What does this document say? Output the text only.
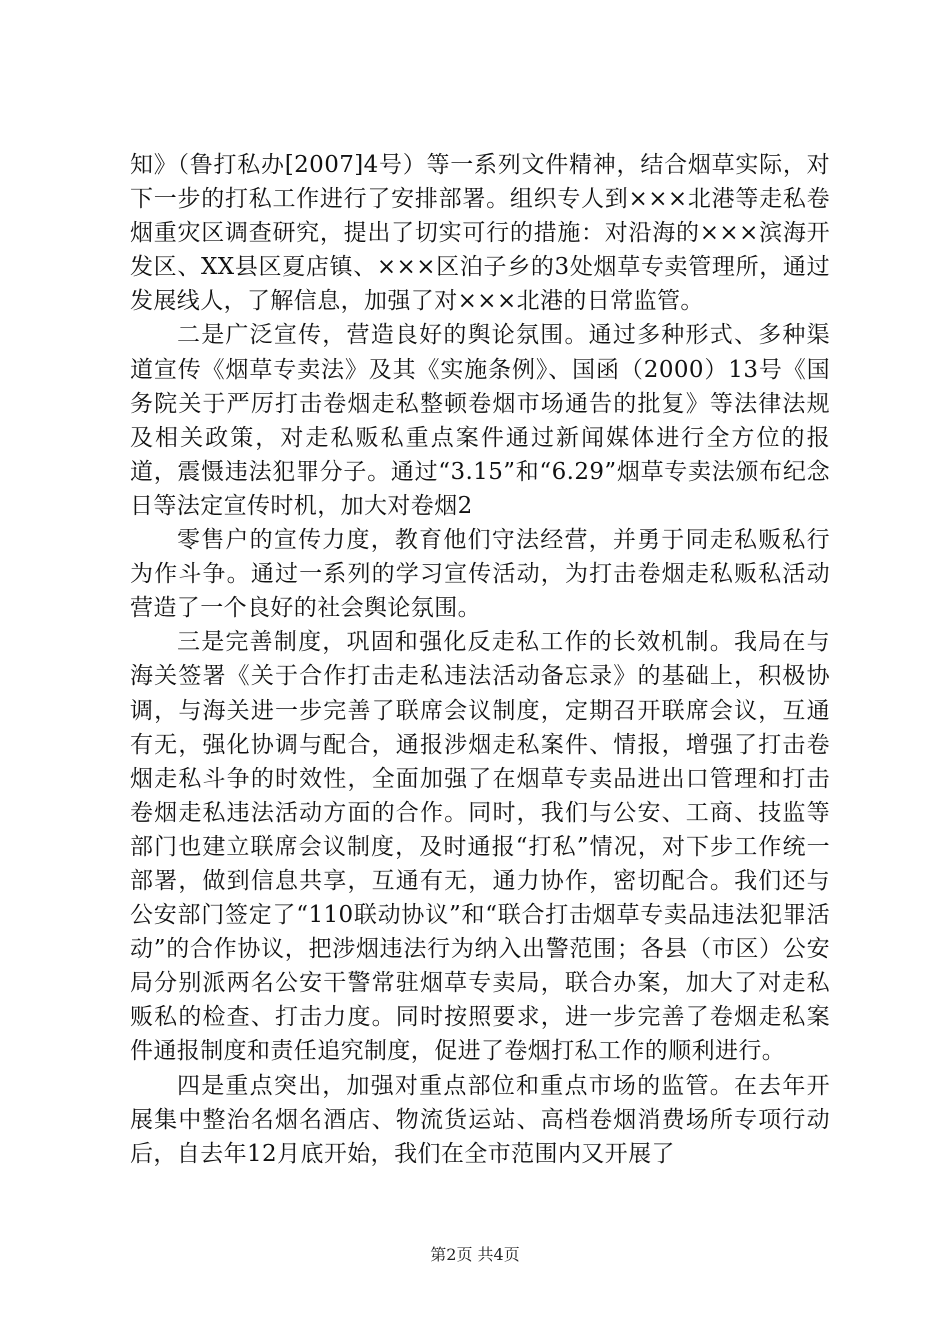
知》（鲁打私办[2007]4号）等一系列文件精神，结合烟草实际，对下一步的打私工作进行了安排部署。组织专人到×××北港等走私卷烟重灾区调查研究，提出了切实可行的措施：对沿海的×××滨海开发区、XX县区夏店镇、×××区泊子乡的3处烟草专卖管理所，通过发展线人，了解信息，加强了对×××北港的日常监管。

二是广泛宣传，营造良好的舆论氛围。通过多种形式、多种渠道宣传《烟草专卖法》及其《实施条例》、国函（2000）13号《国务院关于严厉打击卷烟走私整顿卷烟市场通告的批复》等法律法规及相关政策，对走私贩私重点案件通过新闻媒体进行全方位的报道，震慑违法犯罪分子。通过“3.15”和“6.29”烟草专卖法颁布纪念日等法定宣传时机，加大对卷烟2

零售户的宣传力度，教育他们守法经营，并勇于同走私贩私行为作斗争。通过一系列的学习宣传活动，为打击卷烟走私贩私活动营造了一个良好的社会舆论氛围。

三是完善制度，巩固和强化反走私工作的长效机制。我局在与海关签署《关于合作打击走私违法活动备忘录》的基础上，积极协调，与海关进一步完善了联席会议制度，定期召开联席会议，互通有无，强化协调与配合，通报涉烟走私案件、情报，增强了打击卷烟走私斗争的时效性，全面加强了在烟草专卖品进出口管理和打击卷烟走私违法活动方面的合作。同时，我们与公安、工商、技监等部门也建立联席会议制度，及时通报“打私”情况，对下步工作统一部署，做到信息共享，互通有无，通力协作，密切配合。我们还与公安部门签定了“110联动协议”和“联合打击烟草专卖品违法犯罪活动”的合作协议，把涉烟违法行为纳入出警范围；各县（市区）公安局分别派两名公安干警常驻烟草专卖局，联合办案，加大了对走私贩私的检查、打击力度。同时按照要求，进一步完善了卷烟走私案件通报制度和责任追究制度，促进了卷烟打私工作的顺利进行。

四是重点突出，加强对重点部位和重点市场的监管。在去年开展集中整治名烟名酒店、物流货运站、高档卷烟消费场所专项行动后，自去年12月底开始，我们在全市范围内又开展了

第2页 共4页
